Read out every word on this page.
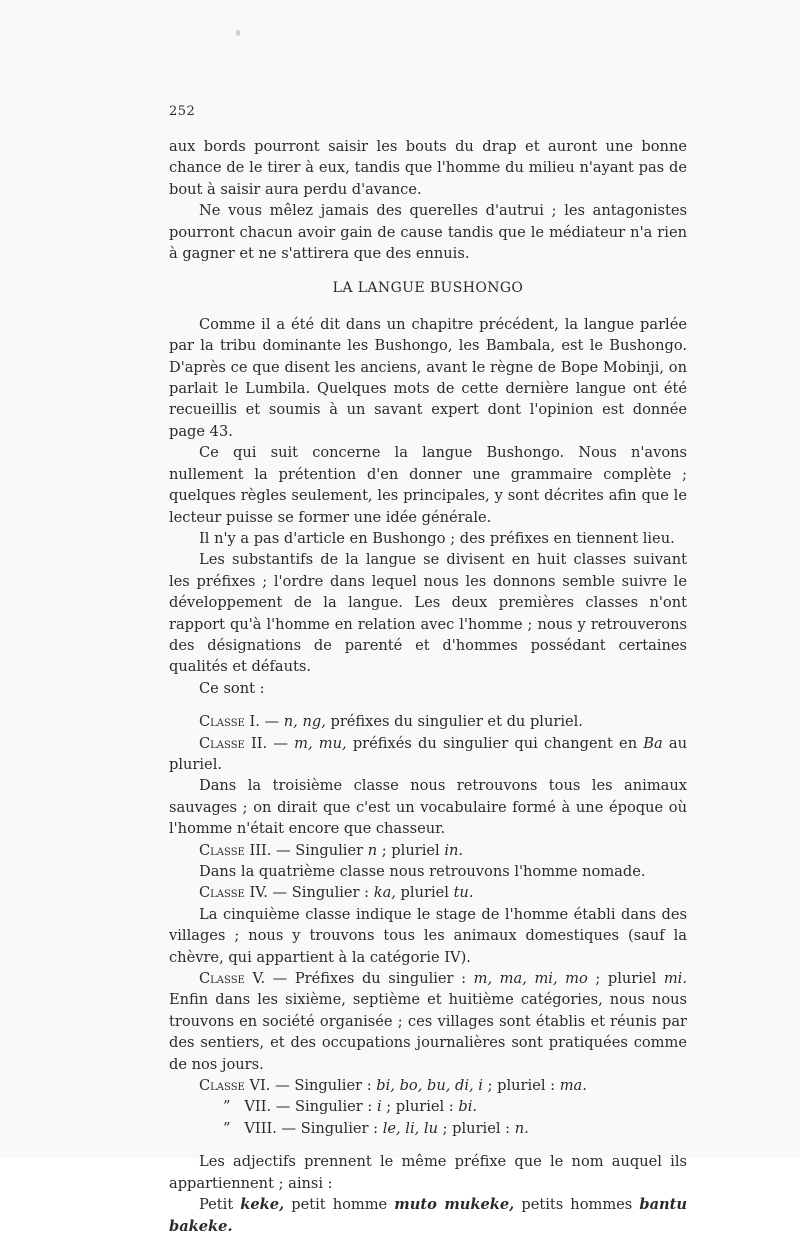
252

aux bords pourront saisir les bouts du drap et auront une bonne chance de le tirer à eux, tandis que l'homme du milieu n'ayant pas de bout à saisir aura perdu d'avance.

Ne vous mêlez jamais des querelles d'autrui ; les antagonistes pourront chacun avoir gain de cause tandis que le médiateur n'a rien à gagner et ne s'attirera que des ennuis.

LA LANGUE BUSHONGO

Comme il a été dit dans un chapitre précédent, la langue parlée par la tribu dominante les Bushongo, les Bambala, est le Bushongo. D'après ce que disent les anciens, avant le règne de Bope Mobinji, on parlait le Lumbila. Quelques mots de cette dernière langue ont été recueillis et soumis à un savant expert dont l'opinion est donnée page 43.

Ce qui suit concerne la langue Bushongo. Nous n'avons nullement la prétention d'en donner une grammaire complète ; quelques règles seulement, les principales, y sont décrites afin que le lecteur puisse se former une idée générale.

Il n'y a pas d'article en Bushongo ; des préfixes en tiennent lieu.

Les substantifs de la langue se divisent en huit classes suivant les préfixes ; l'ordre dans lequel nous les donnons semble suivre le développement de la langue. Les deux premières classes n'ont rapport qu'à l'homme en relation avec l'homme ; nous y retrouverons des désignations de parenté et d'hommes possédant certaines qualités et défauts.

Ce sont :

Classe I. — n, ng, préfixes du singulier et du pluriel.

Classe II. — m, mu, préfixés du singulier qui changent en Ba au pluriel.

Dans la troisième classe nous retrouvons tous les animaux sauvages ; on dirait que c'est un vocabulaire formé à une époque où l'homme n'était encore que chasseur.

Classe III. — Singulier n ; pluriel in.

Dans la quatrième classe nous retrouvons l'homme nomade.

Classe IV. — Singulier : ka, pluriel tu.

La cinquième classe indique le stage de l'homme établi dans des villages ; nous y trouvons tous les animaux domestiques (sauf la chèvre, qui appartient à la catégorie IV).

Classe V. — Préfixes du singulier : m, ma, mi, mo ; pluriel mi. Enfin dans les sixième, septième et huitième catégories, nous nous trouvons en société organisée ; ces villages sont établis et réunis par des sentiers, et des occupations journalières sont pratiquées comme de nos jours.

Classe VI. — Singulier : bi, bo, bu, di, i ; pluriel : ma.

” VII. — Singulier : i ; pluriel : bi.

” VIII. — Singulier : le, li, lu ; pluriel : n.

Les adjectifs prennent le même préfixe que le nom auquel ils appartiennent ; ainsi :

Petit keke, petit homme muto mukeke, petits hommes bantu bakeke.
